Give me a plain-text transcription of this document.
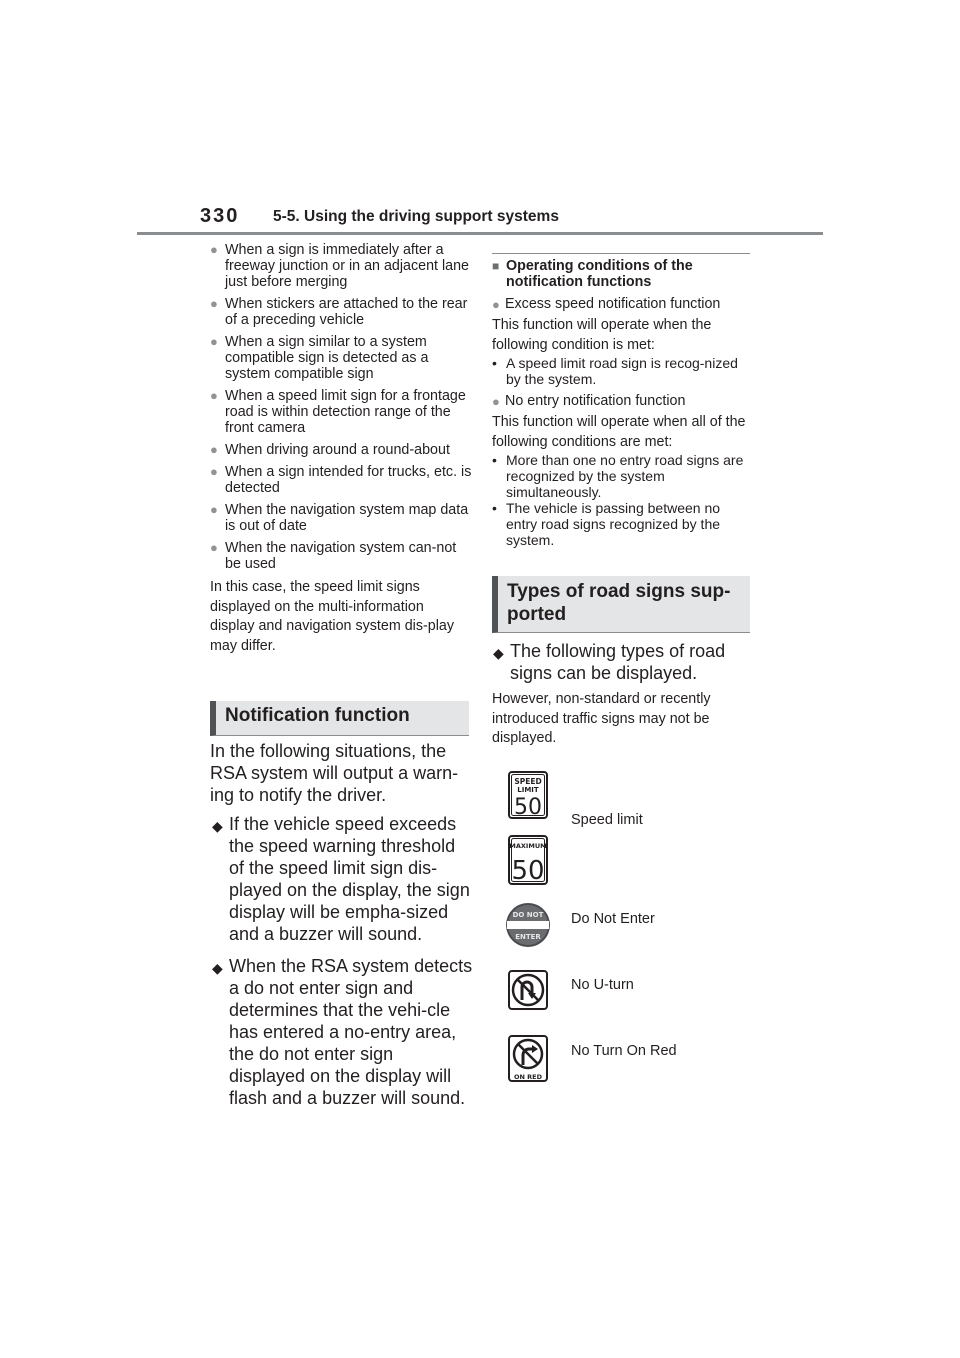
330 5-5. Using the driving support systems
● When a sign is immediately after a freeway junction or in an adjacent lane just before merging
● When stickers are attached to the rear of a preceding vehicle
● When a sign similar to a system compatible sign is detected as a system compatible sign
● When a speed limit sign for a frontage road is within detection range of the front camera
● When driving around a round-about
● When a sign intended for trucks, etc. is detected
● When the navigation system map data is out of date
● When the navigation system can-not be used
In this case, the speed limit signs displayed on the multi-information display and navigation system dis-play may differ.
Notification function
In the following situations, the RSA system will output a warn-ing to notify the driver.
◆ If the vehicle speed exceeds the speed warning threshold of the speed limit sign dis-played on the display, the sign display will be empha-sized and a buzzer will sound.
◆ When the RSA system detects a do not enter sign and determines that the vehi-cle has entered a no-entry area, the do not enter sign displayed on the display will flash and a buzzer will sound.
■ Operating conditions of the notification functions
● Excess speed notification function
This function will operate when the following condition is met:
• A speed limit road sign is recog-nized by the system.
● No entry notification function
This function will operate when all of the following conditions are met:
• More than one no entry road signs are recognized by the system simultaneously.
• The vehicle is passing between no entry road signs recognized by the system.
Types of road signs sup-ported
◆ The following types of road signs can be displayed.
However, non-standard or recently introduced traffic signs may not be displayed.
SPEED
LIMIT
50 Speed limit
MAXIMUM
50
DO NOT
ENTER
Do Not Enter
No U-turn
ON RED
No Turn On Red
